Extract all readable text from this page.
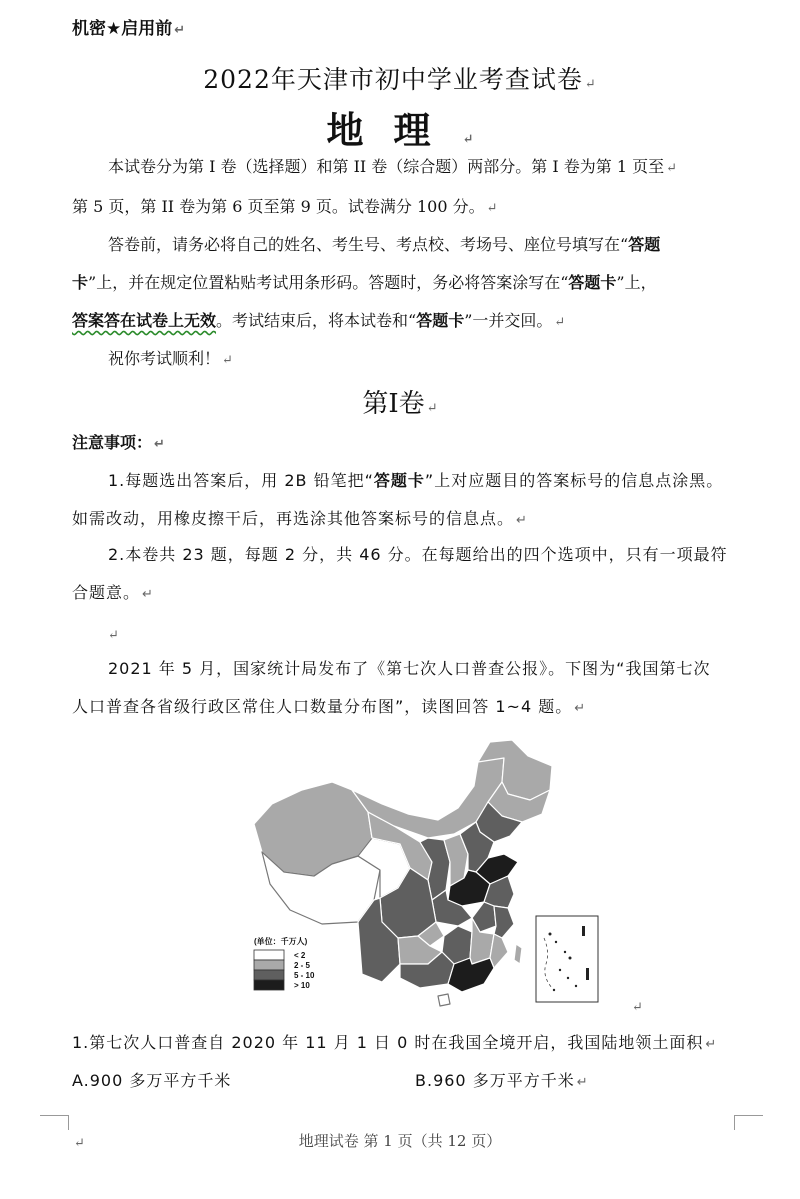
机密★启用前 ↵
2022年天津市初中学业考查试卷 ↵
地理 ↵
本试卷分为第 I 卷（选择题）和第 II 卷（综合题）两部分。第 I 卷为第 1 页至 ↵
第 5 页，第 II 卷为第 6 页至第 9 页。试卷满分 100 分。 ↵
答卷前，请务必将自己的姓名、考生号、考点校、考场号、座位号填写在“答题
卡”上，并在规定位置粘贴考试用条形码。答题时，务必将答案涂写在“答题卡”上，
答案答在试卷上无效。考试结束后，将本试卷和“答题卡”一并交回。 ↵
祝你考试顺利！ ↵
第I卷 ↵
注意事项： ↵
1.每题选出答案后，用 2B 铅笔把“答题卡”上对应题目的答案标号的信息点涂黑。
如需改动，用橡皮擦干后，再选涂其他答案标号的信息点。 ↵
2.本卷共 23 题，每题 2 分，共 46 分。在每题给出的四个选项中，只有一项最符
合题意。 ↵
↵
2021 年 5 月，国家统计局发布了《第七次人口普查公报》。下图为“我国第七次
人口普查各省级行政区常住人口数量分布图”，读图回答 1~4 题。 ↵
(单位：千万人)
< 2
2 - 5
5 - 10
> 10
↵
1.第七次人口普查自 2020 年 11 月 1 日 0 时在我国全境开启，我国陆地领土面积 ↵
A.900 多万平方千米	B.960 多万平方千米 ↵
↵	地理试卷 第 1 页（共 12 页）
